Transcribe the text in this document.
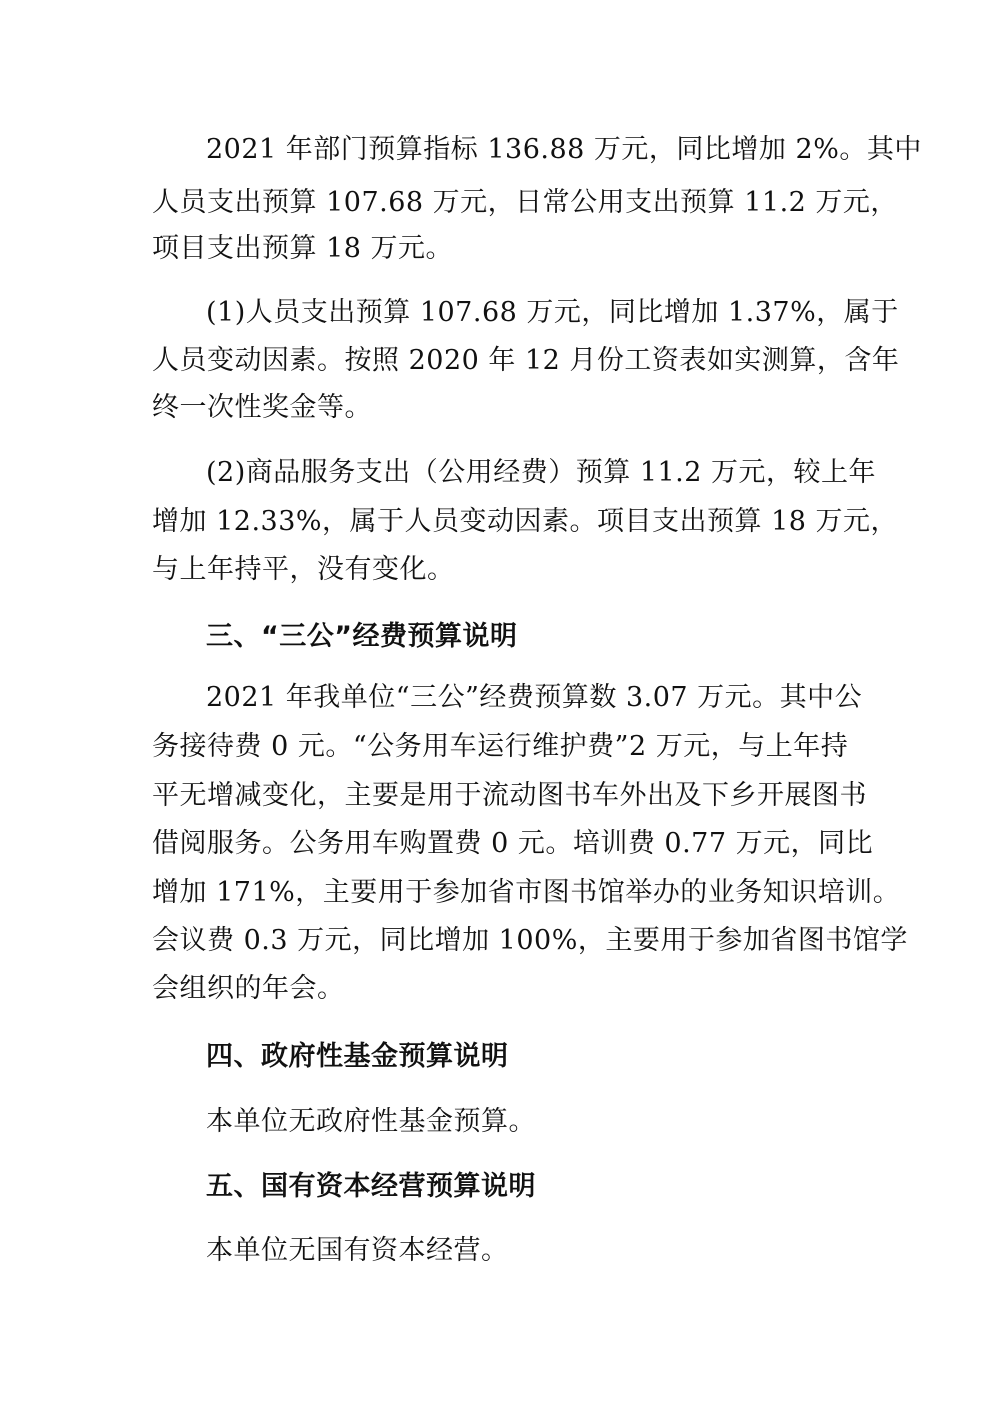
2021 年部门预算指标 136.88 万元，同比增加 2%。其中
人员支出预算 107.68 万元，日常公用支出预算 11.2 万元，
项目支出预算 18 万元。
(1)人员支出预算 107.68 万元，同比增加 1.37%，属于
人员变动因素。按照 2020 年 12 月份工资表如实测算，含年
终一次性奖金等。
(2)商品服务支出（公用经费）预算 11.2 万元，较上年
增加 12.33%，属于人员变动因素。项目支出预算 18 万元，
与上年持平，没有变化。
三、“三公”经费预算说明
2021 年我单位“三公”经费预算数 3.07 万元。其中公
务接待费 0 元。“公务用车运行维护费”2 万元，与上年持
平无增减变化，主要是用于流动图书车外出及下乡开展图书
借阅服务。公务用车购置费 0 元。培训费 0.77 万元，同比
增加 171%，主要用于参加省市图书馆举办的业务知识培训。
会议费 0.3 万元，同比增加 100%，主要用于参加省图书馆学
会组织的年会。
四、政府性基金预算说明
本单位无政府性基金预算。
五、国有资本经营预算说明
本单位无国有资本经营。
